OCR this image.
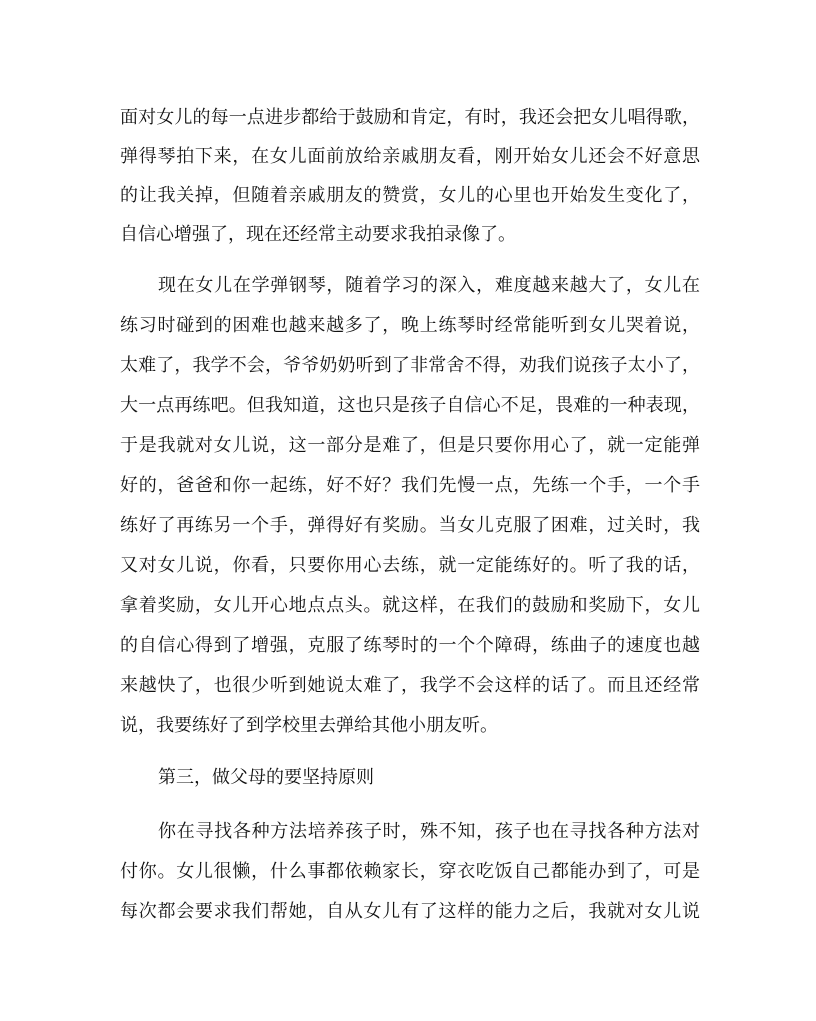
面对女儿的每一点进步都给于鼓励和肯定，有时，我还会把女儿唱得歌，

弹得琴拍下来，在女儿面前放给亲戚朋友看，刚开始女儿还会不好意思

的让我关掉，但随着亲戚朋友的赞赏，女儿的心里也开始发生变化了，

自信心增强了，现在还经常主动要求我拍录像了。

现在女儿在学弹钢琴，随着学习的深入，难度越来越大了，女儿在

练习时碰到的困难也越来越多了，晚上练琴时经常能听到女儿哭着说，

太难了，我学不会，爷爷奶奶听到了非常舍不得，劝我们说孩子太小了，

大一点再练吧。但我知道，这也只是孩子自信心不足，畏难的一种表现，

于是我就对女儿说，这一部分是难了，但是只要你用心了，就一定能弹

好的，爸爸和你一起练，好不好？我们先慢一点，先练一个手，一个手

练好了再练另一个手，弹得好有奖励。当女儿克服了困难，过关时，我

又对女儿说，你看，只要你用心去练，就一定能练好的。听了我的话，

拿着奖励，女儿开心地点点头。就这样，在我们的鼓励和奖励下，女儿

的自信心得到了增强，克服了练琴时的一个个障碍，练曲子的速度也越

来越快了，也很少听到她说太难了，我学不会这样的话了。而且还经常

说，我要练好了到学校里去弹给其他小朋友听。

第三，做父母的要坚持原则

你在寻找各种方法培养孩子时，殊不知，孩子也在寻找各种方法对

付你。女儿很懒，什么事都依赖家长，穿衣吃饭自己都能办到了，可是

每次都会要求我们帮她，自从女儿有了这样的能力之后，我就对女儿说
